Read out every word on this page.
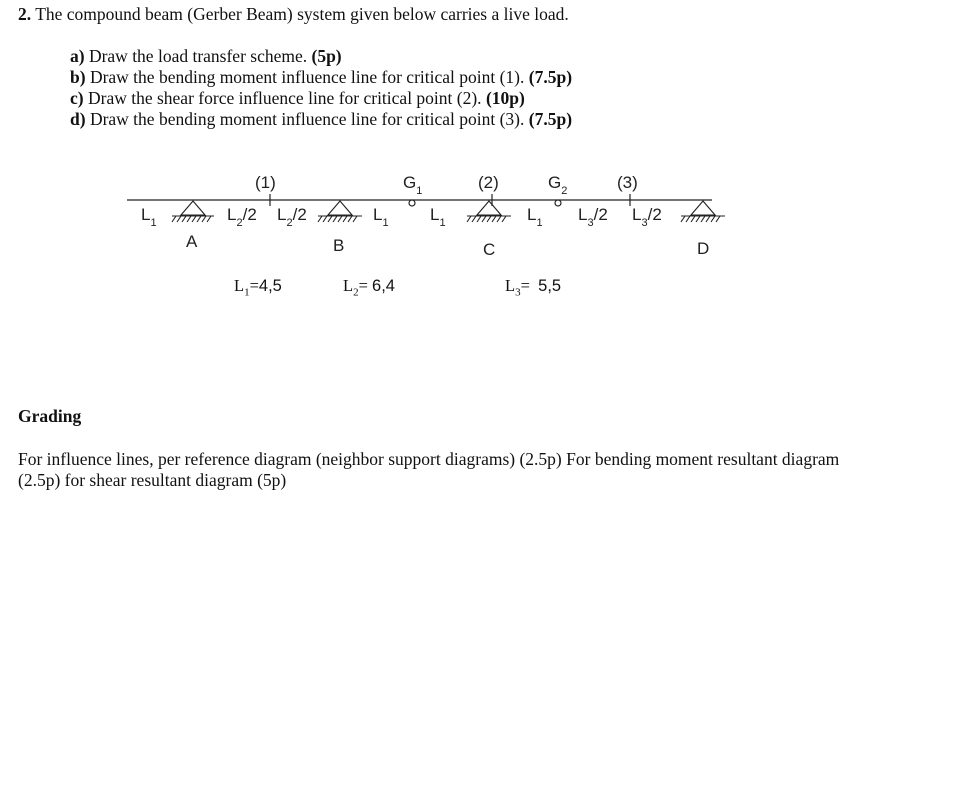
2. The compound beam (Gerber Beam) system given below carries a live load.
a) Draw the load transfer scheme. (5p)
b) Draw the bending moment influence line for critical point (1). (7.5p)
c) Draw the shear force influence line for critical point (2). (10p)
d) Draw the bending moment influence line for critical point (3). (7.5p)
(1)	(2)	(3)
$G_1$	$G_2$
$L_1$	$L_2/2$ $L_2/2$	$L_1$ $L_1$	$L_1$ $L_3/2$ $L_3/2$
A	B	C	D
$L_1=4,5$	$L_2= 6,4$	$L_3= 5,5$
Grading
For influence lines, per reference diagram (neighbor support diagrams) (2.5p) For bending moment resultant diagram (2.5p) for shear resultant diagram (5p)
